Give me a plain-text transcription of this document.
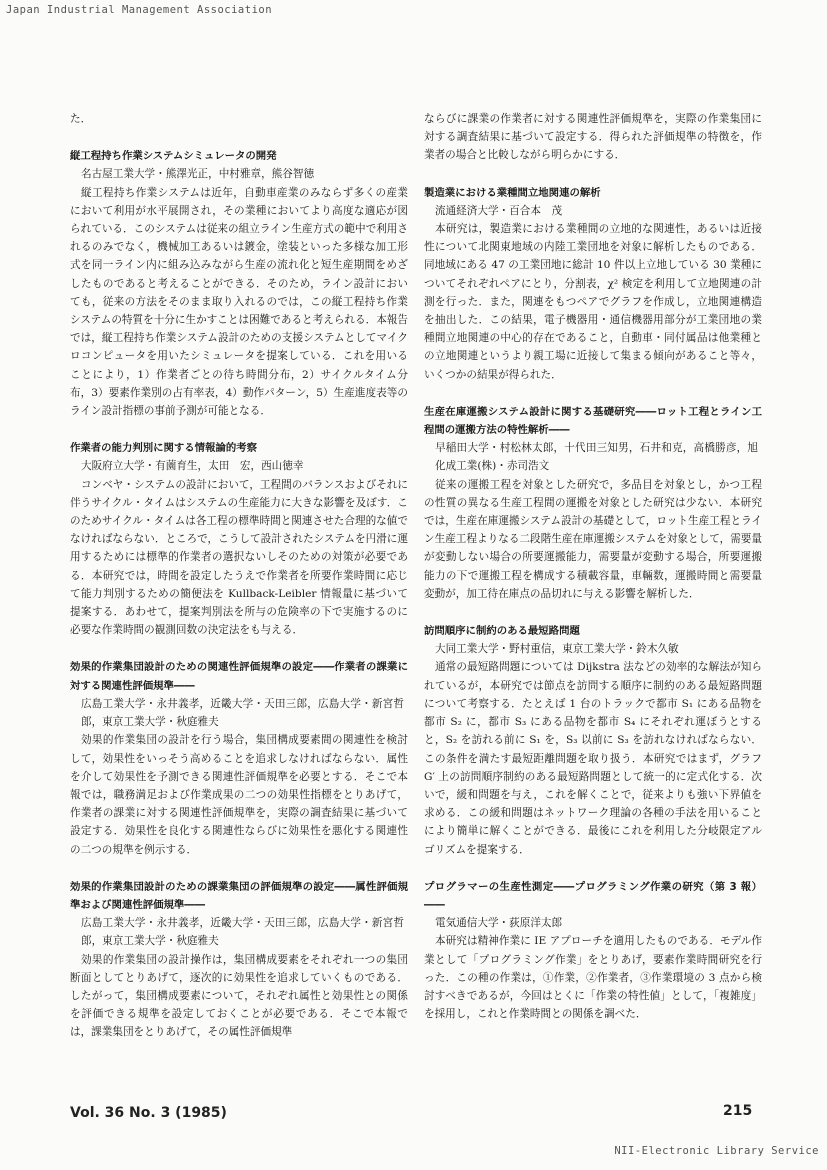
Japan Industrial Management Association

た．

縦工程持ち作業システムシミュレータの開発
名古屋工業大学・熊澤光正，中村雅章，熊谷智徳

縦工程持ち作業システムは近年，自動車産業のみならず多くの産業において利用が水平展開され，その業種においてより高度な適応が図られている．このシステムは従来の組立ライン生産方式の範中で利用されるのみでなく，機械加工あるいは鍍金，塗装といった多様な加工形式を同一ライン内に組み込みながら生産の流れ化と短生産期間をめざしたものであると考えることができる．そのため，ライン設計においても，従来の方法をそのまま取り入れるのでは，この縦工程持ち作業システムの特質を十分に生かすことは困難であると考えられる．本報告では，縦工程持ち作業システム設計のための支援システムとしてマイクロコンピュータを用いたシミュレータを提案している．これを用いることにより，1）作業者ごとの待ち時間分布，2）サイクルタイム分布，3）要素作業別の占有率表，4）動作パターン，5）生産進度表等のライン設計指標の事前予測が可能となる．

作業者の能力判別に関する情報論的考察
大阪府立大学・有薗育生，太田　宏，西山徳幸

コンベヤ・システムの設計において，工程間のバランスおよびそれに伴うサイクル・タイムはシステムの生産能力に大きな影響を及ぼす．このためサイクル・タイムは各工程の標準時間と関連させた合理的な値でなければならない．ところで，こうして設計されたシステムを円滑に運用するためには標準的作業者の選択ないしそのための対策が必要である．本研究では，時間を設定したうえで作業者を所要作業時間に応じて能力判別するための簡便法を Kullback-Leibler 情報量に基づいて提案する．あわせて，提案判別法を所与の危険率の下で実施するのに必要な作業時間の観測回数の決定法をも与える．

効果的作業集団設計のための関連性評価規準の設定――作業者の課業に対する関連性評価規準――
広島工業大学・永井義孝，近畿大学・天田三郎，広島大学・新宮哲郎，東京工業大学・秋庭雅夫

効果的作業集団の設計を行う場合，集団構成要素間の関連性を検討して，効果性をいっそう高めることを追求しなければならない．属性を介して効果性を予測できる関連性評価規準を必要とする．そこで本報では，職務満足および作業成果の二つの効果性指標をとりあげて，作業者の課業に対する関連性評価規準を，実際の調査結果に基づいて設定する．効果性を良化する関連性ならびに効果性を悪化する関連性の二つの規準を例示する．

効果的作業集団設計のための課業集団の評価規準の設定――属性評価規準および関連性評価規準――
広島工業大学・永井義孝，近畿大学・天田三郎，広島大学・新宮哲郎，東京工業大学・秋庭雅夫

効果的作業集団の設計操作は，集団構成要素をそれぞれ一つの集団断面としてとりあげて，逐次的に効果性を追求していくものである．したがって，集団構成要素について，それぞれ属性と効果性との関係を評価できる規準を設定しておくことが必要である．そこで本報では，課業集団をとりあげて，その属性評価規準

ならびに課業の作業者に対する関連性評価規準を，実際の作業集団に対する調査結果に基づいて設定する．得られた評価規準の特徴を，作業者の場合と比較しながら明らかにする．

製造業における業種間立地関連の解析
流通経済大学・百合本　茂

本研究は，製造業における業種間の立地的な関連性，あるいは近接性について北関東地域の内陸工業団地を対象に解析したものである．同地域にある 47 の工業団地に総計 10 件以上立地している 30 業種についてそれぞれペアにとり，分割表，χ² 検定を利用して立地関連の計測を行った．また，関連をもつペアでグラフを作成し，立地関連構造を抽出した．この結果，電子機器用・通信機器用部分が工業団地の業種間立地関連の中心的存在であること，自動車・同付属品は他業種との立地関連というより親工場に近接して集まる傾向があること等々，いくつかの結果が得られた．

生産在庫運搬システム設計に関する基礎研究――ロット工程とライン工程間の運搬方法の特性解析――
早稲田大学・村松林太郎，十代田三知男，石井和克，高橋勝彦，旭化成工業(株)・赤司浩文

従来の運搬工程を対象とした研究で，多品目を対象とし，かつ工程の性質の異なる生産工程間の運搬を対象とした研究は少ない．本研究では，生産在庫運搬システム設計の基礎として，ロット生産工程とライン生産工程よりなる二段階生産在庫運搬システムを対象として，需要量が変動しない場合の所要運搬能力，需要量が変動する場合，所要運搬能力の下で運搬工程を構成する積載容量，車輛数，運搬時間と需要量変動が，加工待在庫点の品切れに与える影響を解析した．

訪問順序に制約のある最短路問題
大同工業大学・野村重信，東京工業大学・鈴木久敏

通常の最短路問題については Dijkstra 法などの効率的な解法が知られているが，本研究では節点を訪問する順序に制約のある最短路問題について考察する．たとえば 1 台のトラックで都市 S₁ にある品物を都市 S₂ に，都市 S₃ にある品物を都市 S₄ にそれぞれ運ぼうとすると，S₂ を訪れる前に S₁ を，S₃ 以前に S₃ を訪れなければならない．この条件を満たす最短距離問題を取り扱う．本研究ではまず，グラフ G′ 上の訪問順序制約のある最短路問題として統一的に定式化する．次いで，緩和問題を与え，これを解くことで，従来よりも強い下界値を求める．この緩和問題はネットワーク理論の各種の手法を用いることにより簡単に解くことができる．最後にこれを利用した分岐限定アルゴリズムを提案する．

プログラマーの生産性測定――プログラミング作業の研究（第 3 報）――
電気通信大学・荻原洋太郎

本研究は精神作業に IE アプローチを適用したものである．モデル作業として「プログラミング作業」をとりあげ，要素作業時間研究を行った．この種の作業は，①作業，②作業者，③作業環境の 3 点から検討すべきであるが，今回はとくに「作業の特性値」として，「複雑度」を採用し，これと作業時間との関係を調べた．

Vol. 36 No. 3 (1985)	215
NII-Electronic Library Service
